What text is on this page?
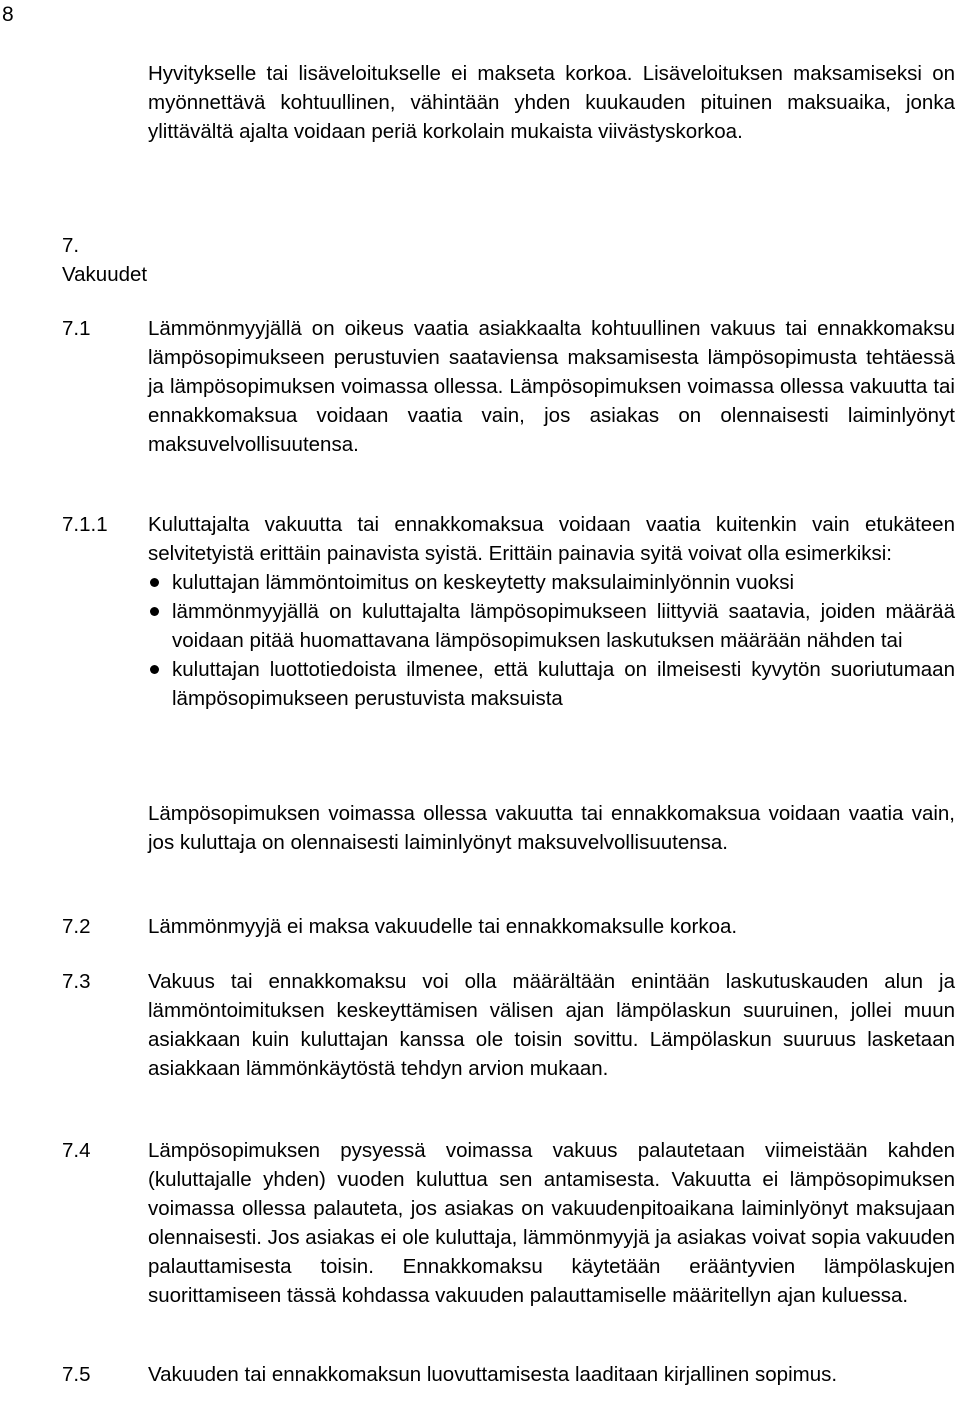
8

Hyvitykselle tai lisäveloitukselle ei makseta korkoa. Lisäveloituksen maksamiseksi on myönnettävä kohtuullinen, vähintään yhden kuukauden pituinen maksuaika, jonka ylittävältä ajalta voidaan periä korkolain mukaista viivästyskorkoa.

7.
Vakuudet
7.1	Lämmönmyyjällä on oikeus vaatia asiakkaalta kohtuullinen vakuus tai ennakkomaksu lämpösopimukseen perustuvien saataviensa maksamisesta lämpösopimusta tehtäessä ja lämpösopimuksen voimassa ollessa. Lämpösopimuksen voimassa ollessa vakuutta tai ennakkomaksua voidaan vaatia vain, jos asiakas on olennaisesti laiminlyönyt maksuvelvollisuutensa.
7.1.1	Kuluttajalta vakuutta tai ennakkomaksua voidaan vaatia kuitenkin vain etukäteen selvitetyistä erittäin painavista syistä. Erittäin painavia syitä voivat olla esimerkiksi:
kuluttajan lämmöntoimitus on keskeytetty maksulaiminlyönnin vuoksi
lämmönmyyjällä on kuluttajalta lämpösopimukseen liittyviä saatavia, joiden määrää voidaan pitää huomattavana lämpösopimuksen laskutuksen määrään nähden tai
kuluttajan luottotiedoista ilmenee, että kuluttaja on ilmeisesti kyvytön suoriutumaan lämpösopimukseen perustuvista maksuista

Lämpösopimuksen voimassa ollessa vakuutta tai ennakkomaksua voidaan vaatia vain, jos kuluttaja on olennaisesti laiminlyönyt maksuvelvollisuutensa.

7.2	Lämmönmyyjä ei maksa vakuudelle tai ennakkomaksulle korkoa.
7.3	Vakuus tai ennakkomaksu voi olla määrältään enintään laskutuskauden alun ja lämmöntoimituksen keskeyttämisen välisen ajan lämpölaskun suuruinen, jollei muun asiakkaan kuin kuluttajan kanssa ole toisin sovittu. Lämpölaskun suuruus lasketaan asiakkaan lämmönkäytöstä tehdyn arvion mukaan.
7.4	Lämpösopimuksen pysyessä voimassa vakuus palautetaan viimeistään kahden (kuluttajalle yhden) vuoden kuluttua sen antamisesta. Vakuutta ei lämpösopimuksen voimassa ollessa palauteta, jos asiakas on vakuudenpitoaikana laiminlyönyt maksujaan olennaisesti. Jos asiakas ei ole kuluttaja, lämmönmyyjä ja asiakas voivat sopia vakuuden palauttamisesta toisin. Ennakkomaksu käytetään erääntyvien lämpölaskujen suorittamiseen tässä kohdassa vakuuden palauttamiselle määritellyn ajan kuluessa.
7.5	Vakuuden tai ennakkomaksun luovuttamisesta laaditaan kirjallinen sopimus.
